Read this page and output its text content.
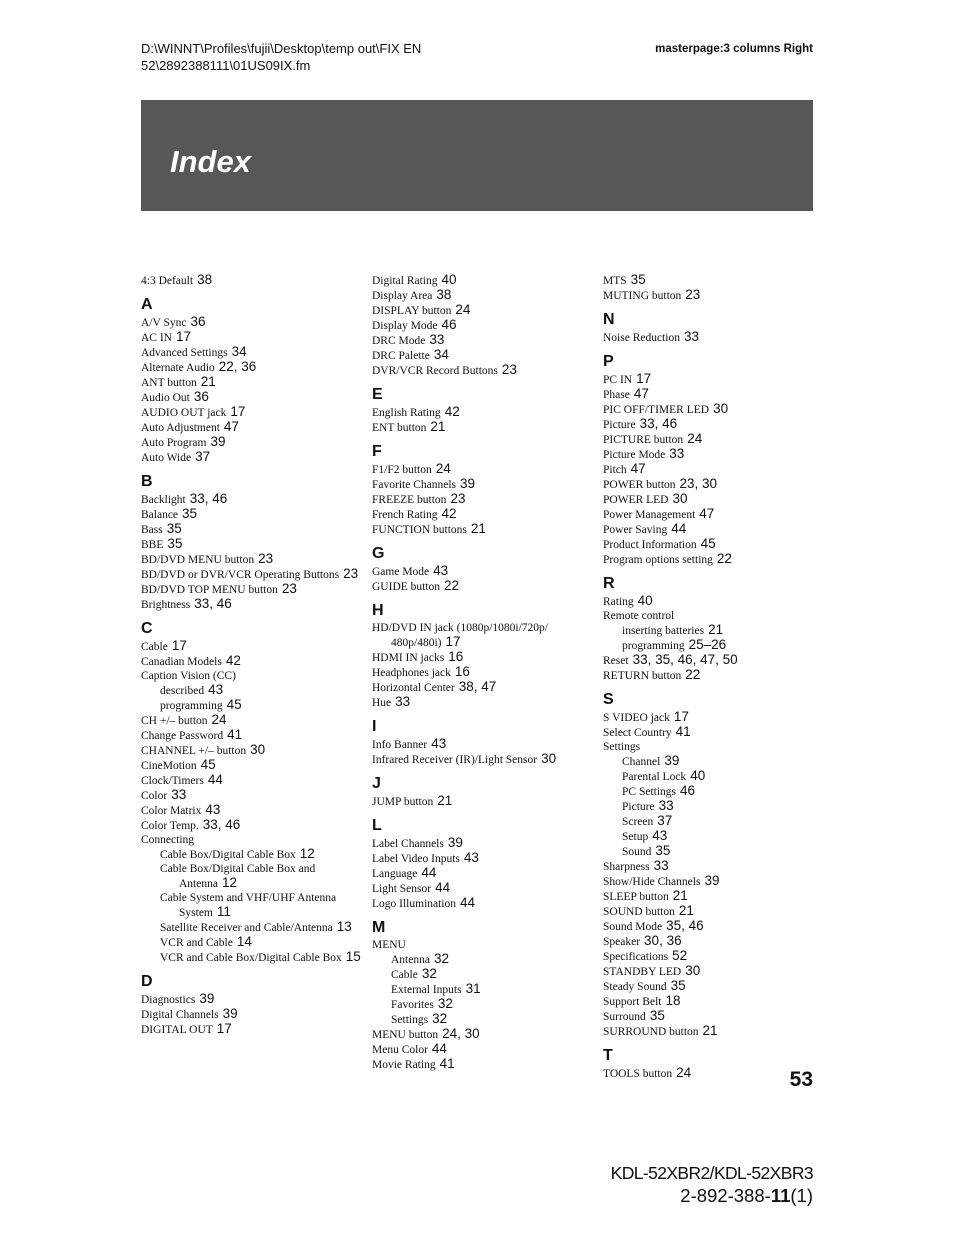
D:\WINNT\Profiles\fujii\Desktop\temp out\FIX EN
52\2892388111\01US09IX.fm
masterpage:3 columns Right
Index
4:3 Default 38
A
A/V Sync 36
AC IN 17
Advanced Settings 34
Alternate Audio 22, 36
ANT button 21
Audio Out 36
AUDIO OUT jack 17
Auto Adjustment 47
Auto Program 39
Auto Wide 37
B
Backlight 33, 46
Balance 35
Bass 35
BBE 35
BD/DVD MENU button 23
BD/DVD or DVR/VCR Operating Buttons 23
BD/DVD TOP MENU button 23
Brightness 33, 46
C
Cable 17
Canadian Models 42
Caption Vision (CC)
described 43
programming 45
CH +/– button 24
Change Password 41
CHANNEL +/– button 30
CineMotion 45
Clock/Timers 44
Color 33
Color Matrix 43
Color Temp. 33, 46
Connecting
Cable Box/Digital Cable Box 12
Cable Box/Digital Cable Box and Antenna 12
Cable System and VHF/UHF Antenna System 11
Satellite Receiver and Cable/Antenna 13
VCR and Cable 14
VCR and Cable Box/Digital Cable Box 15
D
Diagnostics 39
Digital Channels 39
DIGITAL OUT 17
Digital Rating 40
Display Area 38
DISPLAY button 24
Display Mode 46
DRC Mode 33
DRC Palette 34
DVR/VCR Record Buttons 23
E
English Rating 42
ENT button 21
F
F1/F2 button 24
Favorite Channels 39
FREEZE button 23
French Rating 42
FUNCTION buttons 21
G
Game Mode 43
GUIDE button 22
H
HD/DVD IN jack (1080p/1080i/720p/ 480p/480i) 17
HDMI IN jacks 16
Headphones jack 16
Horizontal Center 38, 47
Hue 33
I
Info Banner 43
Infrared Receiver (IR)/Light Sensor 30
J
JUMP button 21
L
Label Channels 39
Label Video Inputs 43
Language 44
Light Sensor 44
Logo Illumination 44
M
MENU
Antenna 32
Cable 32
External Inputs 31
Favorites 32
Settings 32
MENU button 24, 30
Menu Color 44
Movie Rating 41
MTS 35
MUTING button 23
N
Noise Reduction 33
P
PC IN 17
Phase 47
PIC OFF/TIMER LED 30
Picture 33, 46
PICTURE button 24
Picture Mode 33
Pitch 47
POWER button 23, 30
POWER LED 30
Power Management 47
Power Saving 44
Product Information 45
Program options setting 22
R
Rating 40
Remote control
inserting batteries 21
programming 25–26
Reset 33, 35, 46, 47, 50
RETURN button 22
S
S VIDEO jack 17
Select Country 41
Settings
Channel 39
Parental Lock 40
PC Settings 46
Picture 33
Screen 37
Setup 43
Sound 35
Sharpness 33
Show/Hide Channels 39
SLEEP button 21
SOUND button 21
Sound Mode 35, 46
Speaker 30, 36
Specifications 52
STANDBY LED 30
Steady Sound 35
Support Belt 18
Surround 35
SURROUND button 21
T
TOOLS button 24	53
KDL-52XBR2/KDL-52XBR3
2-892-388-11(1)
